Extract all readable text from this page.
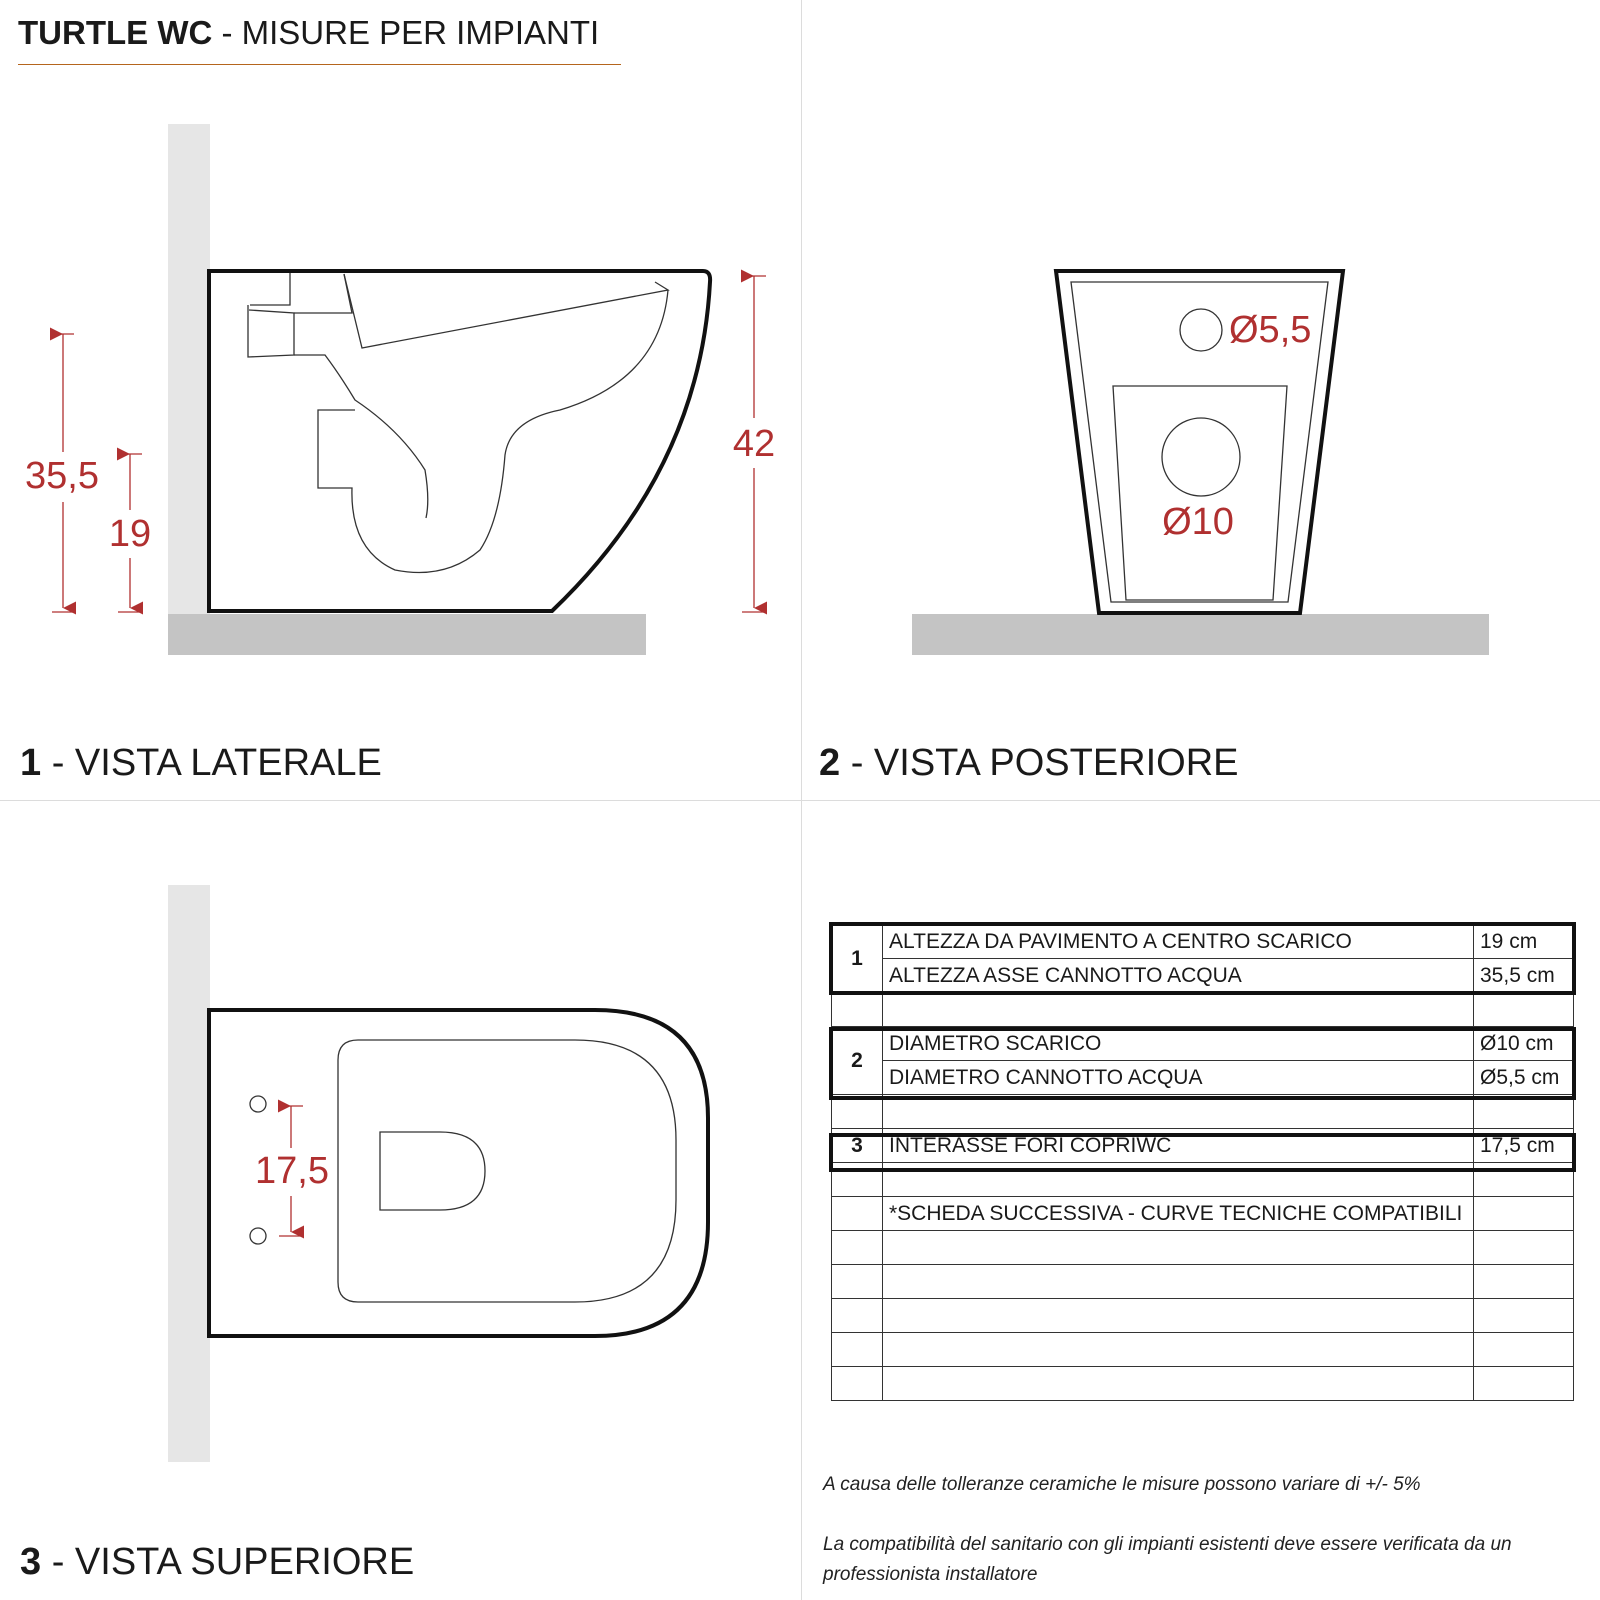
TURTLE WC - MISURE PER IMPIANTI
35,5
19
42
Ø5,5
Ø10
17,5
1 - VISTA LATERALE	2 - VISTA POSTERIORE
3 - VISTA SUPERIORE
1	ALTEZZA DA PAVIMENTO A CENTRO SCARICO	19 cm
	ALTEZZA ASSE CANNOTTO ACQUA	35,5 cm

2	DIAMETRO SCARICO	Ø10 cm
	DIAMETRO CANNOTTO ACQUA	Ø5,5 cm

3	INTERASSE FORI COPRIWC	17,5 cm

	*SCHEDA SUCCESSIVA - CURVE TECNICHE COMPATIBILI	

A causa delle tolleranze ceramiche le misure possono variare di +/- 5%
La compatibilità del sanitario con gli impianti esistenti deve essere verificata da un professionista installatore
